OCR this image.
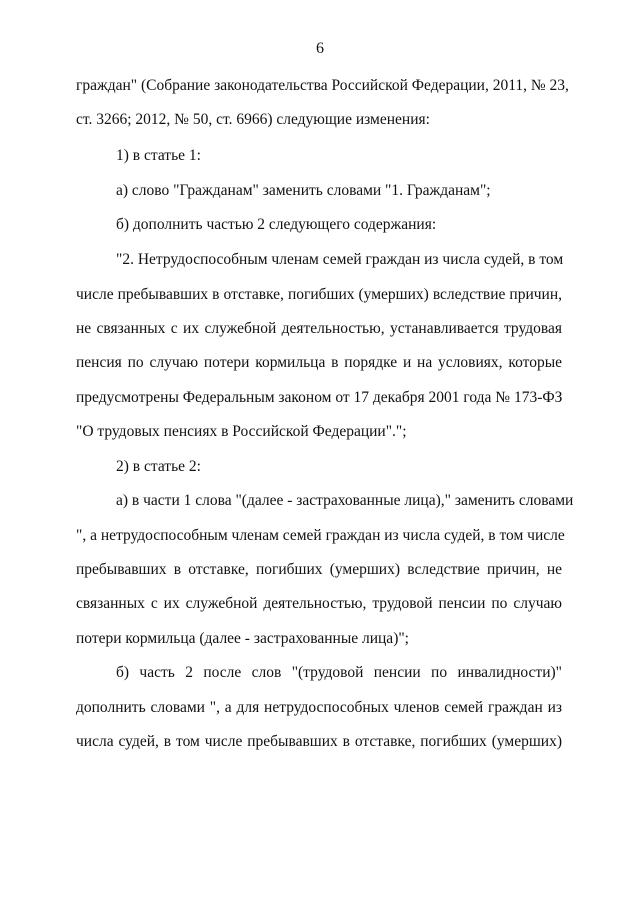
6
граждан" (Собрание законодательства Российской Федерации, 2011, № 23,
ст. 3266; 2012, № 50, ст. 6966) следующие изменения:
1) в статье 1:
а) слово "Гражданам" заменить словами "1. Гражданам";
б) дополнить частью 2 следующего содержания:
"2. Нетрудоспособным членам семей граждан из числа судей, в том
числе пребывавших в отставке, погибших (умерших) вследствие причин,
не связанных с их служебной деятельностью, устанавливается трудовая
пенсия по случаю потери кормильца в порядке и на условиях, которые
предусмотрены Федеральным законом от 17 декабря 2001 года № 173-ФЗ
"О трудовых пенсиях в Российской Федерации".";
2) в статье 2:
а) в части 1 слова "(далее - застрахованные лица)," заменить словами
", а нетрудоспособным членам семей граждан из числа судей, в том числе
пребывавших в отставке, погибших (умерших) вследствие причин, не
связанных с их служебной деятельностью, трудовой пенсии по случаю
потери кормильца (далее - застрахованные лица)";
б) часть 2 после слов "(трудовой пенсии по инвалидности)"
дополнить словами ", а для нетрудоспособных членов семей граждан из
числа судей, в том числе пребывавших в отставке, погибших (умерших)
